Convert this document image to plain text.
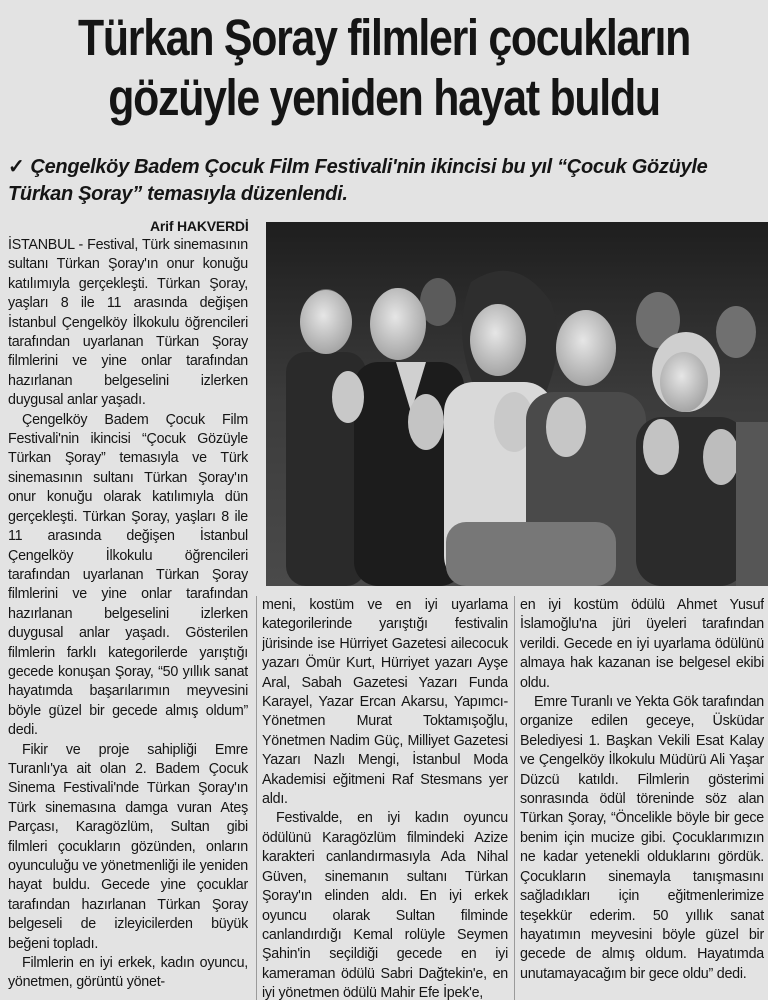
Türkan Şoray filmleri çocukların
gözüyle yeniden hayat buldu
✓ Çengelköy Badem Çocuk Film Festivali'nin ikincisi bu yıl “Çocuk Gözüyle Türkan Şoray” temasıyla düzenlendi.
Arif HAKVERDİ

İSTANBUL - Festival, Türk sinemasının sultanı Türkan Şoray'ın onur konuğu katılımıyla gerçekleşti. Türkan Şoray, yaşları 8 ile 11 arasında değişen İstanbul Çengelköy İlkokulu öğrencileri tarafından uyarlanan Türkan Şoray filmlerini ve yine onlar tarafından hazırlanan belgeselini izlerken duygusal anlar yaşadı.

Çengelköy Badem Çocuk Film Festivali'nin ikincisi “Çocuk Gözüyle Türkan Şoray” temasıyla ve Türk sinemasının sultanı Türkan Şoray'ın onur konuğu olarak katılımıyla dün gerçekleşti. Türkan Şoray, yaşları 8 ile 11 arasında değişen İstanbul Çengelköy İlkokulu öğrencileri tarafından uyarlanan Türkan Şoray filmlerini ve yine onlar tarafından hazırlanan belgeselini izlerken duygusal anlar yaşadı. Gösterilen filmlerin farklı kategorilerde yarıştığı gecede konuşan Şoray, “50 yıllık sanat hayatımda başarılarımın meyvesini böyle güzel bir gecede almış oldum” dedi.

Fikir ve proje sahipliği Emre Turanlı'ya ait olan 2. Badem Çocuk Sinema Festivali'nde Türkan Şoray'ın Türk sinemasına damga vuran Ateş Parçası, Karagözlüm, Sultan gibi filmleri çocukların gözünden, onların oyunculuğu ve yönetmenliği ile yeniden hayat buldu. Gecede yine çocuklar tarafından hazırlanan Türkan Şoray belgeseli de izleyicilerden büyük beğeni topladı.

Filmlerin en iyi erkek, kadın oyuncu, yönetmen, görüntü yönet-

meni, kostüm ve en iyi uyarlama kategorilerinde yarıştığı festivalin jürisinde ise Hürriyet Gazetesi ailecocuk yazarı Ömür Kurt, Hürriyet yazarı Ayşe Aral, Sabah Gazetesi Yazarı Funda Karayel, Yazar Ercan Akarsu, Yapımcı-Yönetmen Murat Toktamışoğlu, Yönetmen Nadim Güç, Milliyet Gazetesi Yazarı Nazlı Mengi, İstanbul Moda Akademisi eğitmeni Raf Stesmans yer aldı.

Festivalde, en iyi kadın oyuncu ödülünü Karagözlüm filmindeki Azize karakteri canlandırmasıyla Ada Nihal Güven, sinemanın sultanı Türkan Şoray'ın elinden aldı. En iyi erkek oyuncu olarak Sultan filminde canlandırdığı Kemal rolüyle Seymen Şahin'in seçildiği gecede en iyi kameraman ödülü Sabri Dağtekin'e, en iyi yönetmen ödülü Mahir Efe İpek'e,

en iyi kostüm ödülü Ahmet Yusuf İslamoğlu'na jüri üyeleri tarafından verildi. Gecede en iyi uyarlama ödülünü almaya hak kazanan ise belgesel ekibi oldu.

Emre Turanlı ve Yekta Gök tarafından organize edilen geceye, Üsküdar Belediyesi 1. Başkan Vekili Esat Kalay ve Çengelköy İlkokulu Müdürü Ali Yaşar Düzcü katıldı. Filmlerin gösterimi sonrasında ödül töreninde söz alan Türkan Şoray, “Öncelikle böyle bir gece benim için mucize gibi. Çocuklarımızın ne kadar yetenekli olduklarını gördük. Çocukların sinemayla tanışmasını sağladıkları için eğitmenlerimize teşekkür ederim. 50 yıllık sanat hayatımın meyvesini böyle güzel bir gecede de almış oldum. Hayatımda unutamayacağım bir gece oldu” dedi.
